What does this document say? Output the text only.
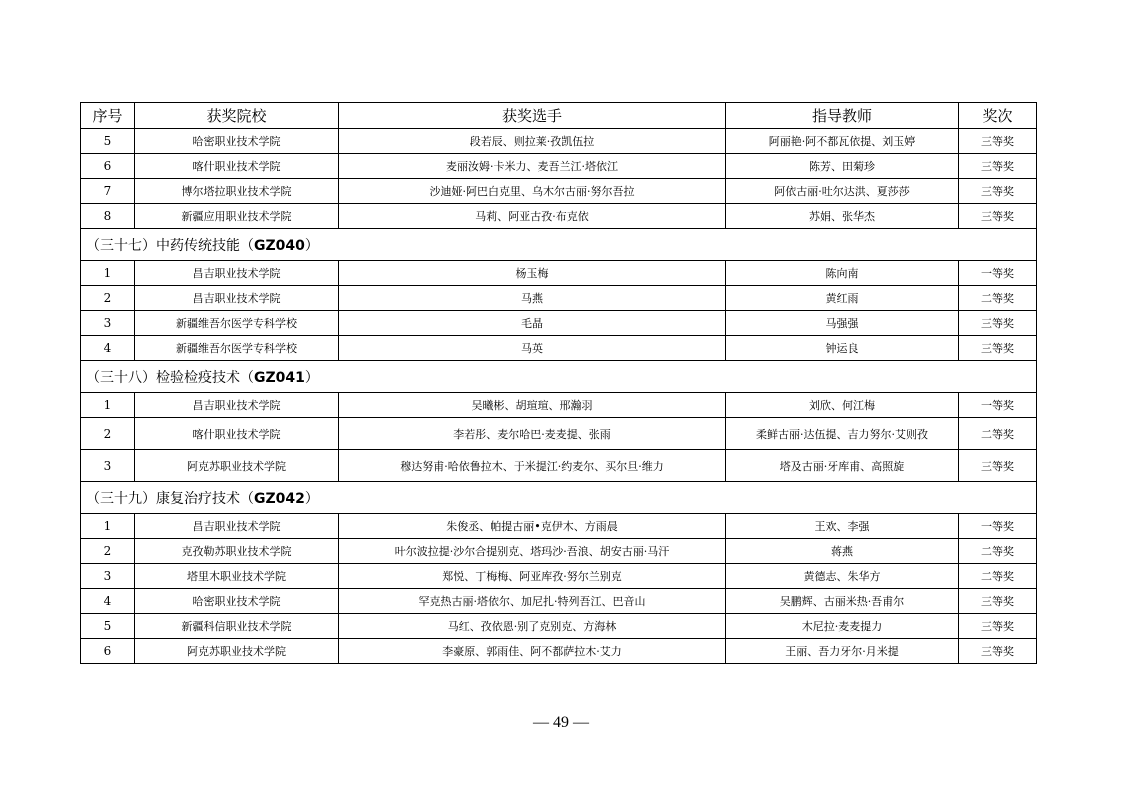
序号	获奖院校	获奖选手	指导教师	奖次
5	哈密职业技术学院	段若辰、则拉莱·孜凯伍拉	阿丽艳·阿不都瓦依提、刘玉婷	三等奖
6	喀什职业技术学院	麦丽汝姆·卡米力、麦吾兰江·塔依江	陈芳、田菊珍	三等奖
7	博尔塔拉职业技术学院	沙迪娅·阿巴白克里、乌木尔古丽·努尔吾拉	阿依古丽·吐尔达洪、夏莎莎	三等奖
8	新疆应用职业技术学院	马莉、阿亚古孜·布克依	苏娟、张华杰	三等奖
（三十七）中药传统技能（GZ040）				
1	昌吉职业技术学院	杨玉梅	陈向南	一等奖
2	昌吉职业技术学院	马燕	黄红雨	二等奖
3	新疆维吾尔医学专科学校	毛晶	马强强	三等奖
4	新疆维吾尔医学专科学校	马英	钟运良	三等奖
（三十八）检验检疫技术（GZ041）				
1	昌吉职业技术学院	吴曦彬、胡瑄瑄、邢瀚羽	刘欣、何江梅	一等奖
2	喀什职业技术学院	李若彤、麦尔哈巴·麦麦提、张雨	柔鲜古丽·达伍提、吉力努尔·艾则孜	二等奖
3	阿克苏职业技术学院	穆达努甫·哈依鲁拉木、于米提江·约麦尔、买尔旦·维力	塔及古丽·牙库甫、高照旋	三等奖
（三十九）康复治疗技术（GZ042）				
1	昌吉职业技术学院	朱俊丞、帕提古丽•克伊木、方雨晨	王欢、李强	一等奖
2	克孜勒苏职业技术学院	叶尔波拉提·沙尔合提别克、塔玛沙·吾浪、胡安古丽·马汗	蒋燕	二等奖
3	塔里木职业技术学院	郑悦、丁梅梅、阿亚库孜·努尔兰别克	黄德志、朱华方	二等奖
4	哈密职业技术学院	罕克热古丽·塔依尔、加尼扎·特列吾江、巴音山	吴鹏辉、古丽米热·吾甫尔	三等奖
5	新疆科信职业技术学院	马红、孜依恩·别了克别克、方海林	木尼拉·麦麦提力	三等奖
6	阿克苏职业技术学院	李豪原、郭雨佳、阿不都萨拉木·艾力	王丽、吾力牙尔·月米提	三等奖
— 49 —
